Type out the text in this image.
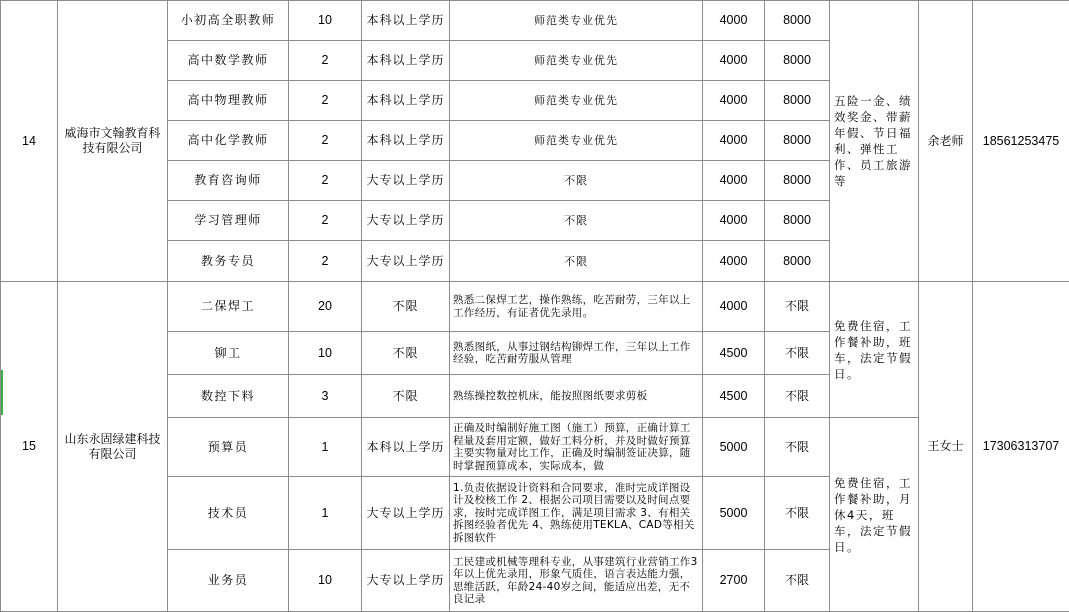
14	威海市文翰教育科技有限公司	小初高全职教师	10	本科以上学历	师范类专业优先	4000	8000	五险一金、绩效奖金、带薪年假、节日福利、弹性工作、员工旅游等	余老师	18561253475
		高中数学教师	2	本科以上学历	师范类专业优先	4000	8000			
		高中物理教师	2	本科以上学历	师范类专业优先	4000	8000			
		高中化学教师	2	本科以上学历	师范类专业优先	4000	8000			
		教育咨询师	2	大专以上学历	不限	4000	8000			
		学习管理师	2	大专以上学历	不限	4000	8000			
		教务专员	2	大专以上学历	不限	4000	8000			
15	山东永固绿建科技有限公司	二保焊工	20	不限	熟悉二保焊工艺，操作熟练，吃苦耐劳，三年以上工作经历，有证者优先录用。	4000	不限	免费住宿，工作餐补助，班车，法定节假日。	王女士	17306313707
		铆工	10	不限	熟悉图纸，从事过钢结构铆焊工作，三年以上工作经验，吃苦耐劳服从管理	4500	不限			
		数控下料	3	不限	熟练操控数控机床，能按照图纸要求剪板	4500	不限			
		预算员	1	本科以上学历	正确及时编制好施工图（施工）预算，正确计算工程量及套用定额，做好工料分析，并及时做好预算主要实物量对比工作，正确及时编制签证决算，随时掌握预算成本，实际成本，做	5000	不限	免费住宿，工作餐补助，月休4天，班车，法定节假日。		
		技术员	1	大专以上学历	1.负责依据设计资料和合同要求，准时完成详图设计及校核工作 2、根据公司项目需要以及时间点要求，按时完成详图工作，满足项目需求 3、有相关拆图经验者优先 4、熟练使用TEKLA、CAD等相关拆图软件	5000	不限			
		业务员	10	大专以上学历	工民建或机械等理科专业，从事建筑行业营销工作3年以上优先录用，形象气质佳，语言表达能力强，思维活跃，年龄24-40岁之间，能适应出差，无不良记录	2700	不限			
